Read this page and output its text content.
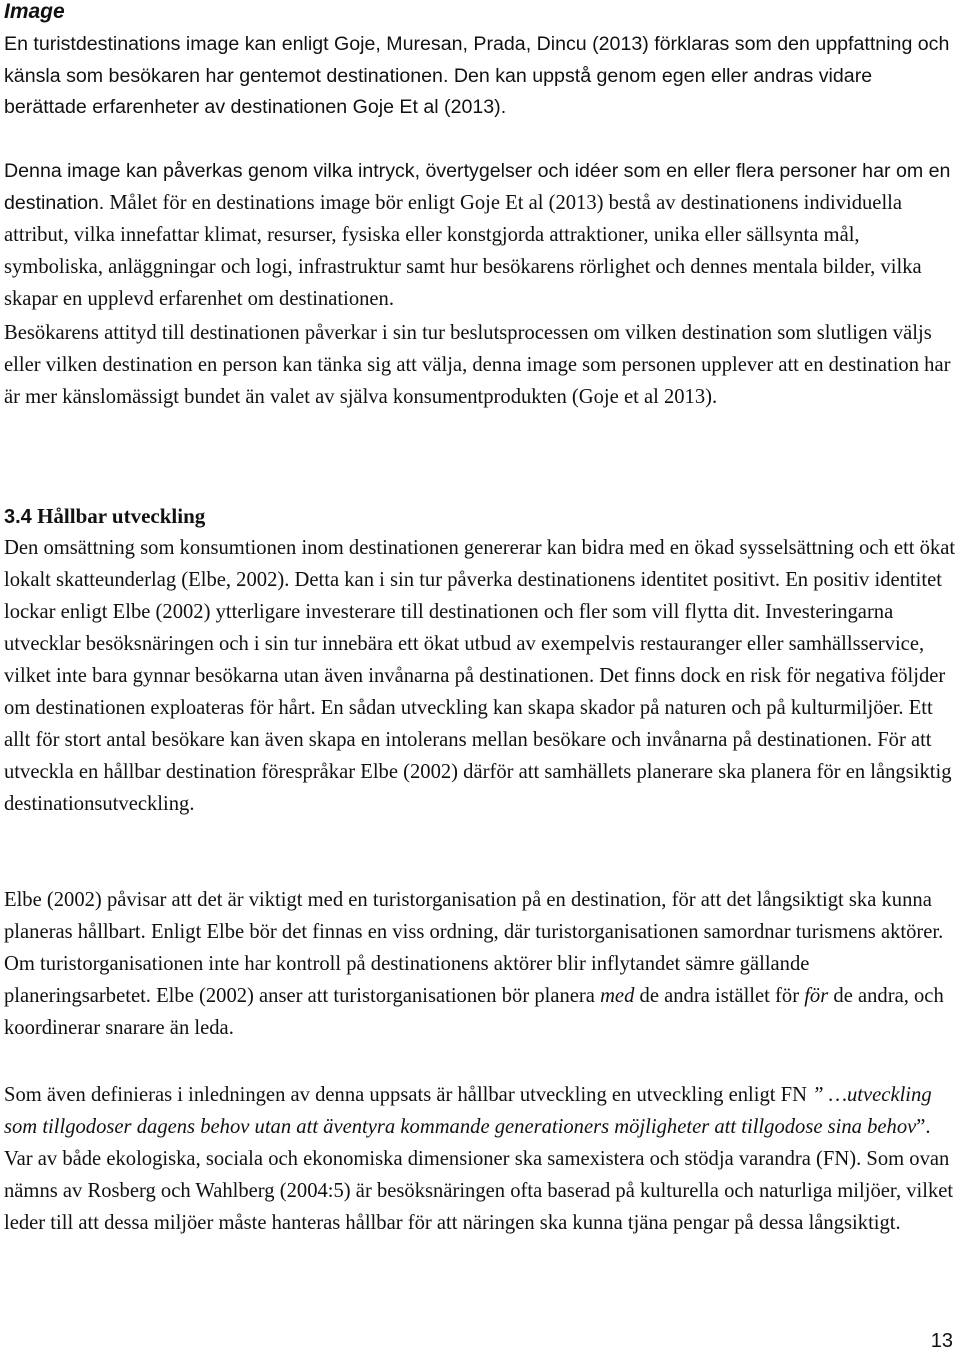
Image

En turistdestinations image kan enligt Goje, Muresan, Prada, Dincu (2013) förklaras som den uppfattning och känsla som besökaren har gentemot destinationen. Den kan uppstå genom egen eller andras vidare berättade erfarenheter av destinationen Goje Et al (2013).

Denna image kan påverkas genom vilka intryck, övertygelser och idéer som en eller flera personer har om en destination. Målet för en destinations image bör enligt Goje Et al (2013) bestå av destinationens individuella attribut, vilka innefattar klimat, resurser, fysiska eller konstgjorda attraktioner, unika eller sällsynta mål, symboliska, anläggningar och logi, infrastruktur samt hur besökarens rörlighet och dennes mentala bilder, vilka skapar en upplevd erfarenhet om destinationen.

Besökarens attityd till destinationen påverkar i sin tur beslutsprocessen om vilken destination som slutligen väljs eller vilken destination en person kan tänka sig att välja, denna image som personen upplever att en destination har är mer känslomässigt bundet än valet av själva konsumentprodukten (Goje et al 2013).

3.4 Hållbar utveckling

Den omsättning som konsumtionen inom destinationen genererar kan bidra med en ökad sysselsättning och ett ökat lokalt skatteunderlag (Elbe, 2002). Detta kan i sin tur påverka destinationens identitet positivt. En positiv identitet lockar enligt Elbe (2002) ytterligare investerare till destinationen och fler som vill flytta dit. Investeringarna utvecklar besöksnäringen och i sin tur innebära ett ökat utbud av exempelvis restauranger eller samhällsservice, vilket inte bara gynnar besökarna utan även invånarna på destinationen. Det finns dock en risk för negativa följder om destinationen exploateras för hårt. En sådan utveckling kan skapa skador på naturen och på kulturmiljöer. Ett allt för stort antal besökare kan även skapa en intolerans mellan besökare och invånarna på destinationen. För att utveckla en hållbar destination förespråkar Elbe (2002) därför att samhällets planerare ska planera för en långsiktig destinationsutveckling.

Elbe (2002) påvisar att det är viktigt med en turistorganisation på en destination, för att det långsiktigt ska kunna planeras hållbart. Enligt Elbe bör det finnas en viss ordning, där turistorganisationen samordnar turismens aktörer. Om turistorganisationen inte har kontroll på destinationens aktörer blir inflytandet sämre gällande planeringsarbetet. Elbe (2002) anser att turistorganisationen bör planera med de andra istället för för de andra, och koordinerar snarare än leda.

Som även definieras i inledningen av denna uppsats är hållbar utveckling en utveckling enligt FN ” …utveckling som tillgodoser dagens behov utan att äventyra kommande generationers möjligheter att tillgodose sina behov”. Var av både ekologiska, sociala och ekonomiska dimensioner ska samexistera och stödja varandra (FN). Som ovan nämns av Rosberg och Wahlberg (2004:5) är besöksnäringen ofta baserad på kulturella och naturliga miljöer, vilket leder till att dessa miljöer måste hanteras hållbar för att näringen ska kunna tjäna pengar på dessa långsiktigt.

13
